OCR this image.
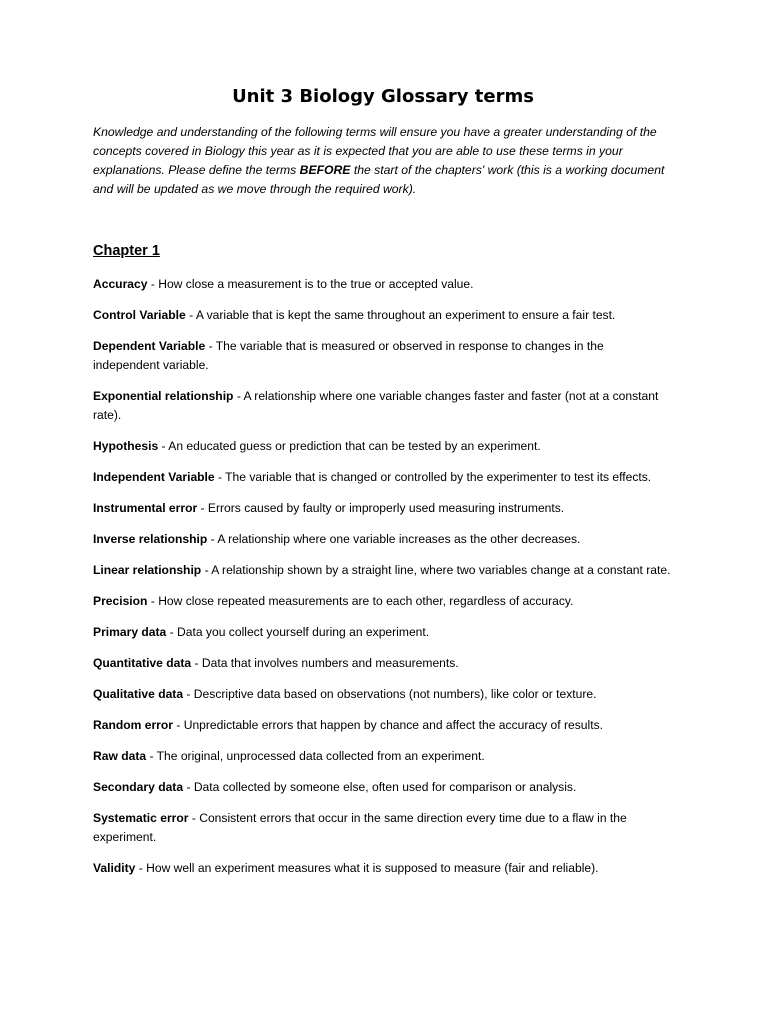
Unit 3 Biology Glossary terms

Knowledge and understanding of the following terms will ensure you have a greater understanding of the concepts covered in Biology this year as it is expected that you are able to use these terms in your explanations. Please define the terms BEFORE the start of the chapters' work (this is a working document and will be updated as we move through the required work).

Chapter 1

Accuracy - How close a measurement is to the true or accepted value.

Control Variable - A variable that is kept the same throughout an experiment to ensure a fair test.

Dependent Variable - The variable that is measured or observed in response to changes in the independent variable.

Exponential relationship - A relationship where one variable changes faster and faster (not at a constant rate).

Hypothesis - An educated guess or prediction that can be tested by an experiment.

Independent Variable - The variable that is changed or controlled by the experimenter to test its effects.

Instrumental error - Errors caused by faulty or improperly used measuring instruments.

Inverse relationship - A relationship where one variable increases as the other decreases.

Linear relationship - A relationship shown by a straight line, where two variables change at a constant rate.

Precision - How close repeated measurements are to each other, regardless of accuracy.

Primary data - Data you collect yourself during an experiment.

Quantitative data - Data that involves numbers and measurements.

Qualitative data - Descriptive data based on observations (not numbers), like color or texture.

Random error - Unpredictable errors that happen by chance and affect the accuracy of results.

Raw data - The original, unprocessed data collected from an experiment.

Secondary data - Data collected by someone else, often used for comparison or analysis.

Systematic error - Consistent errors that occur in the same direction every time due to a flaw in the experiment.

Validity - How well an experiment measures what it is supposed to measure (fair and reliable).
